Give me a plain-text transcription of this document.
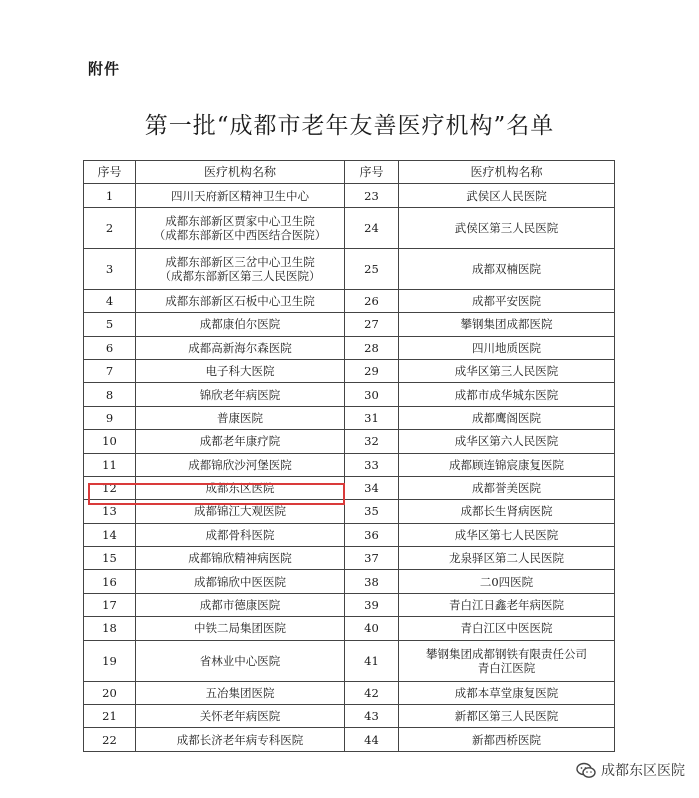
附件
第一批“成都市老年友善医疗机构”名单
序号	医疗机构名称	序号	医疗机构名称
1	四川天府新区精神卫生中心	23	武侯区人民医院

2	成都东部新区贾家中心卫生院
（成都东部新区中西医结合医院）	24	武侯区第三人民医院

3	成都东部新区三岔中心卫生院
（成都东部新区第三人民医院）	25	成都双楠医院

4	成都东部新区石板中心卫生院	26	成都平安医院

5	成都康伯尔医院	27	攀钢集团成都医院

6	成都高新海尔森医院	28	四川地质医院

7	电子科大医院	29	成华区第三人民医院

8	锦欣老年病医院	30	成都市成华城东医院

9	普康医院	31	成都鹰阁医院

10	成都老年康疗院	32	成华区第六人民医院

11	成都锦欣沙河堡医院	33	成都顾连锦宸康复医院

12	成都东区医院	34	成都誉美医院

13	成都锦江大观医院	35	成都长生肾病医院

14	成都骨科医院	36	成华区第七人民医院

15	成都锦欣精神病医院	37	龙泉驿区第二人民医院

16	成都锦欣中医医院	38	二0四医院

17	成都市德康医院	39	青白江日鑫老年病医院

18	中铁二局集团医院	40	青白江区中医医院

19	省林业中心医院	41	攀钢集团成都钢铁有限责任公司
青白江医院

20	五冶集团医院	42	成都本草堂康复医院

21	关怀老年病医院	43	新都区第三人民医院

22	成都长济老年病专科医院	44	新都西桥医院
成都东区医院
